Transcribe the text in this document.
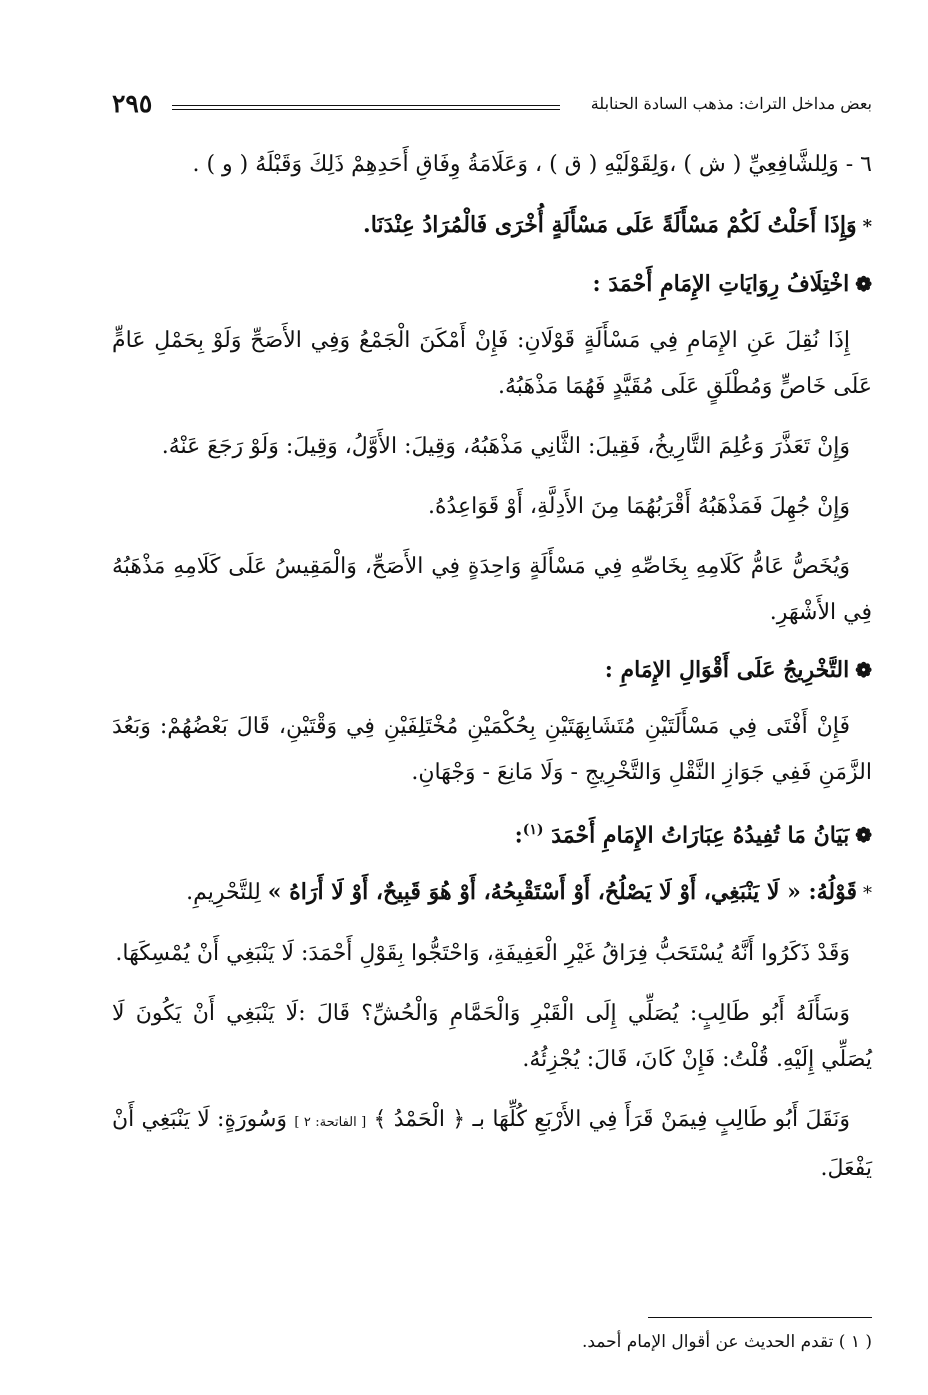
بعض مداخل التراث: مذهب السادة الحنابلة
٢٩٥

٦ - وَلِلشَّافِعِيِّ ( ش ) ،وَلِقَوْلَيْهِ ( ق ) ، وَعَلَامَةُ وِفَاقِ أَحَدِهِمْ ذَلِكَ وَقَبْلَهُ ( و ) .

*وَإِذَا أَحَلْتُ لَكُمْ مَسْأَلَةً عَلَى مَسْأَلَةٍ أُخْرَى فَالْمُرَادُ عِنْدَنَا.

❁اخْتِلَافُ رِوَايَاتِ الإِمَامِ أَحْمَدَ :

إِذَا نُقِلَ عَنِ الإِمَامِ فِي مَسْأَلَةٍ قَوْلَانِ: فَإِنْ أَمْكَنَ الْجَمْعُ وَفِي الأَصَحِّ وَلَوْ بِحَمْلِ عَامٍّ عَلَى خَاصٍّ وَمُطْلَقٍ عَلَى مُقَيَّدٍ فَهُمَا مَذْهَبُهُ.

وَإِنْ تَعَذَّرَ وَعُلِمَ التَّارِيخُ، فَقِيلَ: الثَّانِي مَذْهَبُهُ، وَقِيلَ: الأَوَّلُ، وَقِيلَ: وَلَوْ رَجَعَ عَنْهُ.

وَإِنْ جُهِلَ فَمَذْهَبُهُ أَقْرَبُهُمَا مِنَ الأَدِلَّةِ، أَوْ قَوَاعِدُهُ.

وَيُخَصُّ عَامُّ كَلَامِهِ بِخَاصِّهِ فِي مَسْأَلَةٍ وَاحِدَةٍ فِي الأَصَحِّ، وَالْمَقِيسُ عَلَى كَلَامِهِ مَذْهَبُهُ فِي الأَشْهَرِ.

❁التَّخْرِيجُ عَلَى أَقْوَالِ الإِمَامِ :

فَإِنْ أَفْتَى فِي مَسْأَلَتَيْنِ مُتَشَابِهَتَيْنِ بِحُكْمَيْنِ مُخْتَلِفَيْنِ فِي وَقْتَيْنِ، قَالَ بَعْضُهُمْ: وَبَعُدَ الزَّمَنِ فَفِي جَوَازِ النَّقْلِ وَالتَّخْرِيجِ - وَلَا مَانِعَ - وَجْهَانِ.

❁بَيَانُ مَا تُفِيدُهُ عِبَارَاتُ الإِمَامِ أَحْمَدَ $^{(١)}$:

*قَوْلُهُ: « لَا يَنْبَغِي، أَوْ لَا يَصْلُحُ، أَوْ أَسْتَقْبِحُهُ، أَوْ هُوَ قَبِيحٌ، أَوْ لَا أَرَاهُ » لِلتَّحْرِيمِ.

وَقَدْ ذَكَرُوا أَنَّهُ يُسْتَحَبُّ فِرَاقُ غَيْرِ الْعَفِيفَةِ، وَاحْتَجُّوا بِقَوْلِ أَحْمَدَ: لَا يَنْبَغِي أَنْ يُمْسِكَهَا.

وَسَأَلَهُ أَبُو طَالِبٍ: يُصَلِّي إِلَى الْقَبْرِ وَالْحَمَّامِ وَالْحُشِّ؟ قَالَ :لَا يَنْبَغِي أَنْ يَكُونَ لَا يُصَلِّي إِلَيْهِ. قُلْتُ: فَإِنْ كَانَ، قَالَ: يُجْزِئُهُ.

وَنَقَلَ أَبُو طَالِبٍ فِيمَنْ قَرَأَ فِي الأَرْبَعِ كُلِّهَا بـ ﴿ الْحَمْدُ ﴾ [ الفاتحة: ٢ ] وَسُورَةٍ: لَا يَنْبَغِي أَنْ يَفْعَلَ.

( ١ ) تقدم الحديث عن أقوال الإمام أحمد.
